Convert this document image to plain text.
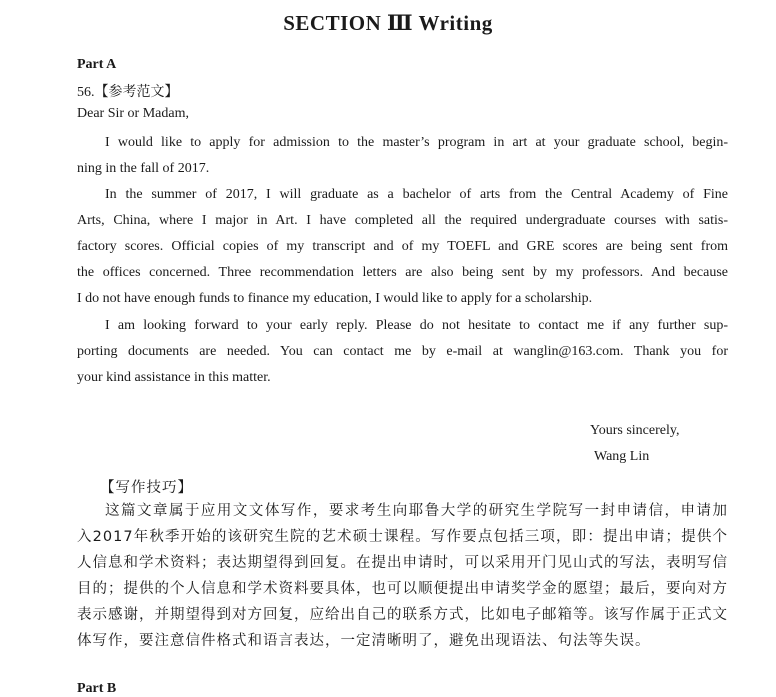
SECTION Ⅲ Writing
Part A
56.【参考范文】
Dear Sir or Madam,
I would like to apply for admission to the master’s program in art at your graduate school, begin-
ning in the fall of 2017.
In the summer of 2017, I will graduate as a bachelor of arts from the Central Academy of Fine
Arts, China, where I major in Art. I have completed all the required undergraduate courses with satis-
factory scores. Official copies of my transcript and of my TOEFL and GRE scores are being sent from
the offices concerned. Three recommendation letters are also being sent by my professors. And because
I do not have enough funds to finance my education, I would like to apply for a scholarship.
I am looking forward to your early reply. Please do not hesitate to contact me if any further sup-
porting documents are needed. You can contact me by e-mail at wanglin@163.com. Thank you for
your kind assistance in this matter.
Yours sincerely,
Wang Lin
【写作技巧】
这篇文章属于应用文文体写作，要求考生向耶鲁大学的研究生学院写一封申请信，申请加
入2017年秋季开始的该研究生院的艺术硕士课程。写作要点包括三项，即：提出申请；提供个
人信息和学术资料；表达期望得到回复。在提出申请时，可以采用开门见山式的写法，表明写信
目的；提供的个人信息和学术资料要具体，也可以顺便提出申请奖学金的愿望；最后，要向对方
表示感谢，并期望得到对方回复，应给出自己的联系方式，比如电子邮箱等。该写作属于正式文
体写作，要注意信件格式和语言表达，一定清晰明了，避免出现语法、句法等失误。
Part B
